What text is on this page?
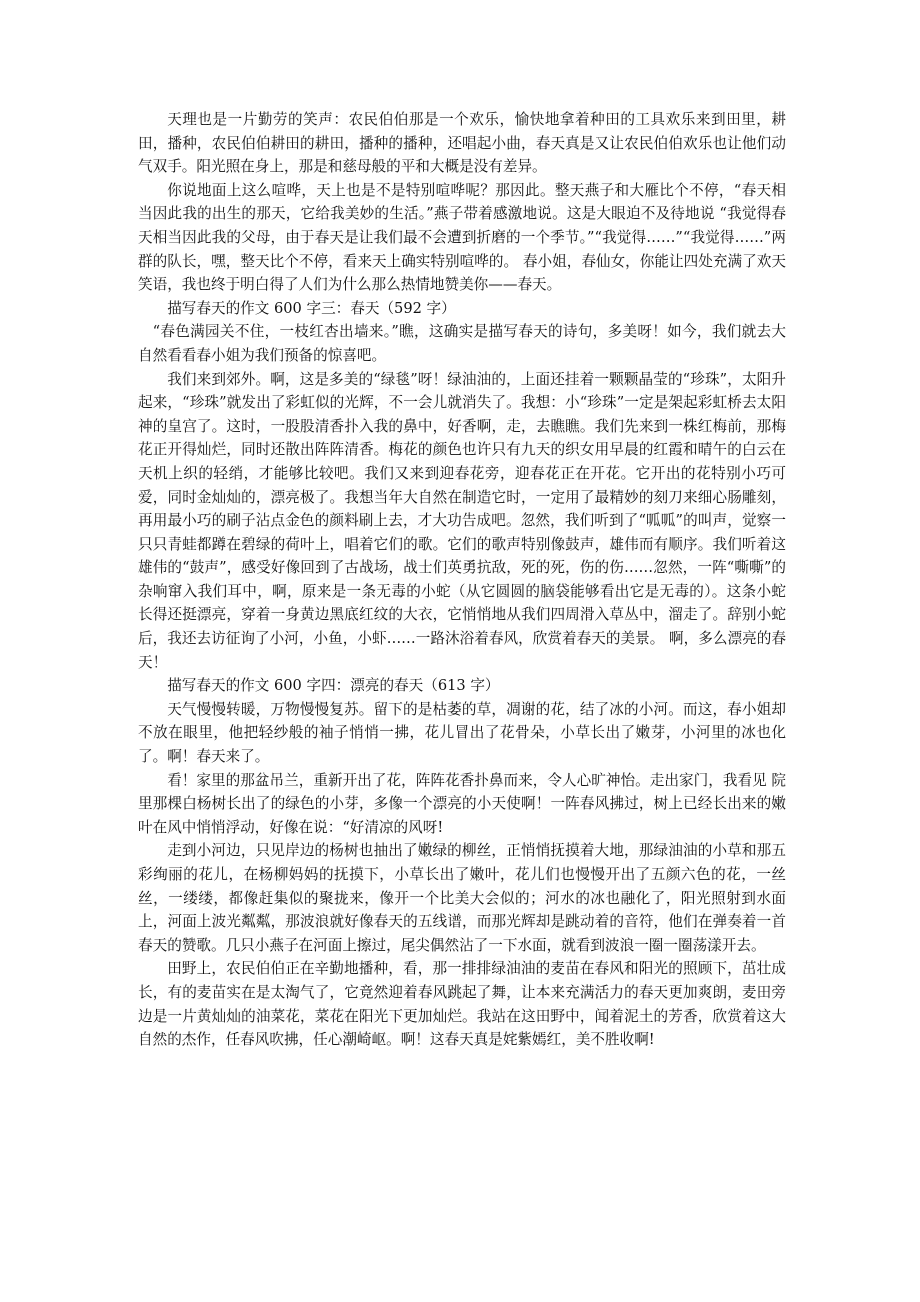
天理也是一片勤劳的笑声：农民伯伯那是一个欢乐，愉快地拿着种田的工具欢乐来到田里，耕田，播种，农民伯伯耕田的耕田，播种的播种，还唱起小曲，春天真是又让农民伯伯欢乐也让他们动气双手。阳光照在身上，那是和慈母般的平和大概是没有差异。

你说地面上这么喧哗，天上也是不是特别喧哗呢？那因此。整天燕子和大雁比个不停，“春天相当因此我的出生的那天，它给我美妙的生活。”燕子带着感激地说。这是大眼迫不及待地说 “我觉得春天相当因此我的父母，由于春天是让我们最不会遭到折磨的一个季节。”“我觉得……”“我觉得……”两群的队长，嘿，整天比个不停，看来天上确实特别喧哗的。 春小姐，春仙女，你能让四处充满了欢天笑语，我也终于明白得了人们为什么那么热情地赞美你——春天。

描写春天的作文 600 字三：春天（592 字）

“春色满园关不住，一枝红杏出墙来。”瞧，这确实是描写春天的诗句，多美呀！如今，我们就去大自然看看春小姐为我们预备的惊喜吧。

我们来到郊外。啊，这是多美的“绿毯”呀！绿油油的，上面还挂着一颗颗晶莹的“珍珠”，太阳升起来，“珍珠”就发出了彩虹似的光辉，不一会儿就消失了。我想：小“珍珠”一定是架起彩虹桥去太阳神的皇宫了。这时，一股股清香扑入我的鼻中，好香啊，走，去瞧瞧。我们先来到一株红梅前，那梅花正开得灿烂，同时还散出阵阵清香。梅花的颜色也许只有九天的织女用早晨的红霞和晴午的白云在天机上织的轻绡，才能够比较吧。我们又来到迎春花旁，迎春花正在开花。它开出的花特别小巧可爱，同时金灿灿的，漂亮极了。我想当年大自然在制造它时，一定用了最精妙的刻刀来细心肠雕刻，再用最小巧的刷子沾点金色的颜料刷上去，才大功告成吧。忽然，我们听到了“呱呱”的叫声，觉察一只只青蛙都蹲在碧绿的荷叶上，唱着它们的歌。它们的歌声特别像鼓声，雄伟而有顺序。我们听着这雄伟的“鼓声”，感受好像回到了古战场，战士们英勇抗敌，死的死，伤的伤……忽然，一阵“嘶嘶”的杂响窜入我们耳中，啊，原来是一条无毒的小蛇（从它圆圆的脑袋能够看出它是无毒的）。这条小蛇长得还挺漂亮，穿着一身黄边黑底红纹的大衣，它悄悄地从我们四周滑入草丛中，溜走了。辞别小蛇后，我还去访征询了小河，小鱼，小虾……一路沐浴着春风，欣赏着春天的美景。 啊，多么漂亮的春天！

描写春天的作文 600 字四：漂亮的春天（613 字）

天气慢慢转暖，万物慢慢复苏。留下的是枯萎的草，凋谢的花，结了冰的小河。而这，春小姐却不放在眼里，他把轻纱般的袖子悄悄一拂，花儿冒出了花骨朵，小草长出了嫩芽，小河里的冰也化了。啊！春天来了。

看！家里的那盆吊兰，重新开出了花，阵阵花香扑鼻而来，令人心旷神怡。走出家门，我看见 院里那棵白杨树长出了的绿色的小芽，多像一个漂亮的小天使啊！一阵春风拂过，树上已经长出来的嫩叶在风中悄悄浮动，好像在说：“好清凉的风呀!

走到小河边，只见岸边的杨树也抽出了嫩绿的柳丝，正悄悄抚摸着大地，那绿油油的小草和那五彩绚丽的花儿，在杨柳妈妈的抚摸下，小草长出了嫩叶，花儿们也慢慢开出了五颜六色的花，一丝丝，一缕缕，都像赶集似的聚拢来，像开一个比美大会似的；河水的冰也融化了，阳光照射到水面上，河面上波光粼粼，那波浪就好像春天的五线谱，而那光辉却是跳动着的音符，他们在弹奏着一首春天的赞歌。几只小燕子在河面上擦过，尾尖偶然沾了一下水面，就看到波浪一圈一圈荡漾开去。

田野上，农民伯伯正在辛勤地播种，看，那一排排绿油油的麦苗在春风和阳光的照顾下，茁壮成长，有的麦苗实在是太淘气了，它竟然迎着春风跳起了舞，让本来充满活力的春天更加爽朗，麦田旁边是一片黄灿灿的油菜花，菜花在阳光下更加灿烂。我站在这田野中，闻着泥土的芳香，欣赏着这大自然的杰作，任春风吹拂，任心潮崎岖。啊！这春天真是姹紫嫣红，美不胜收啊!
